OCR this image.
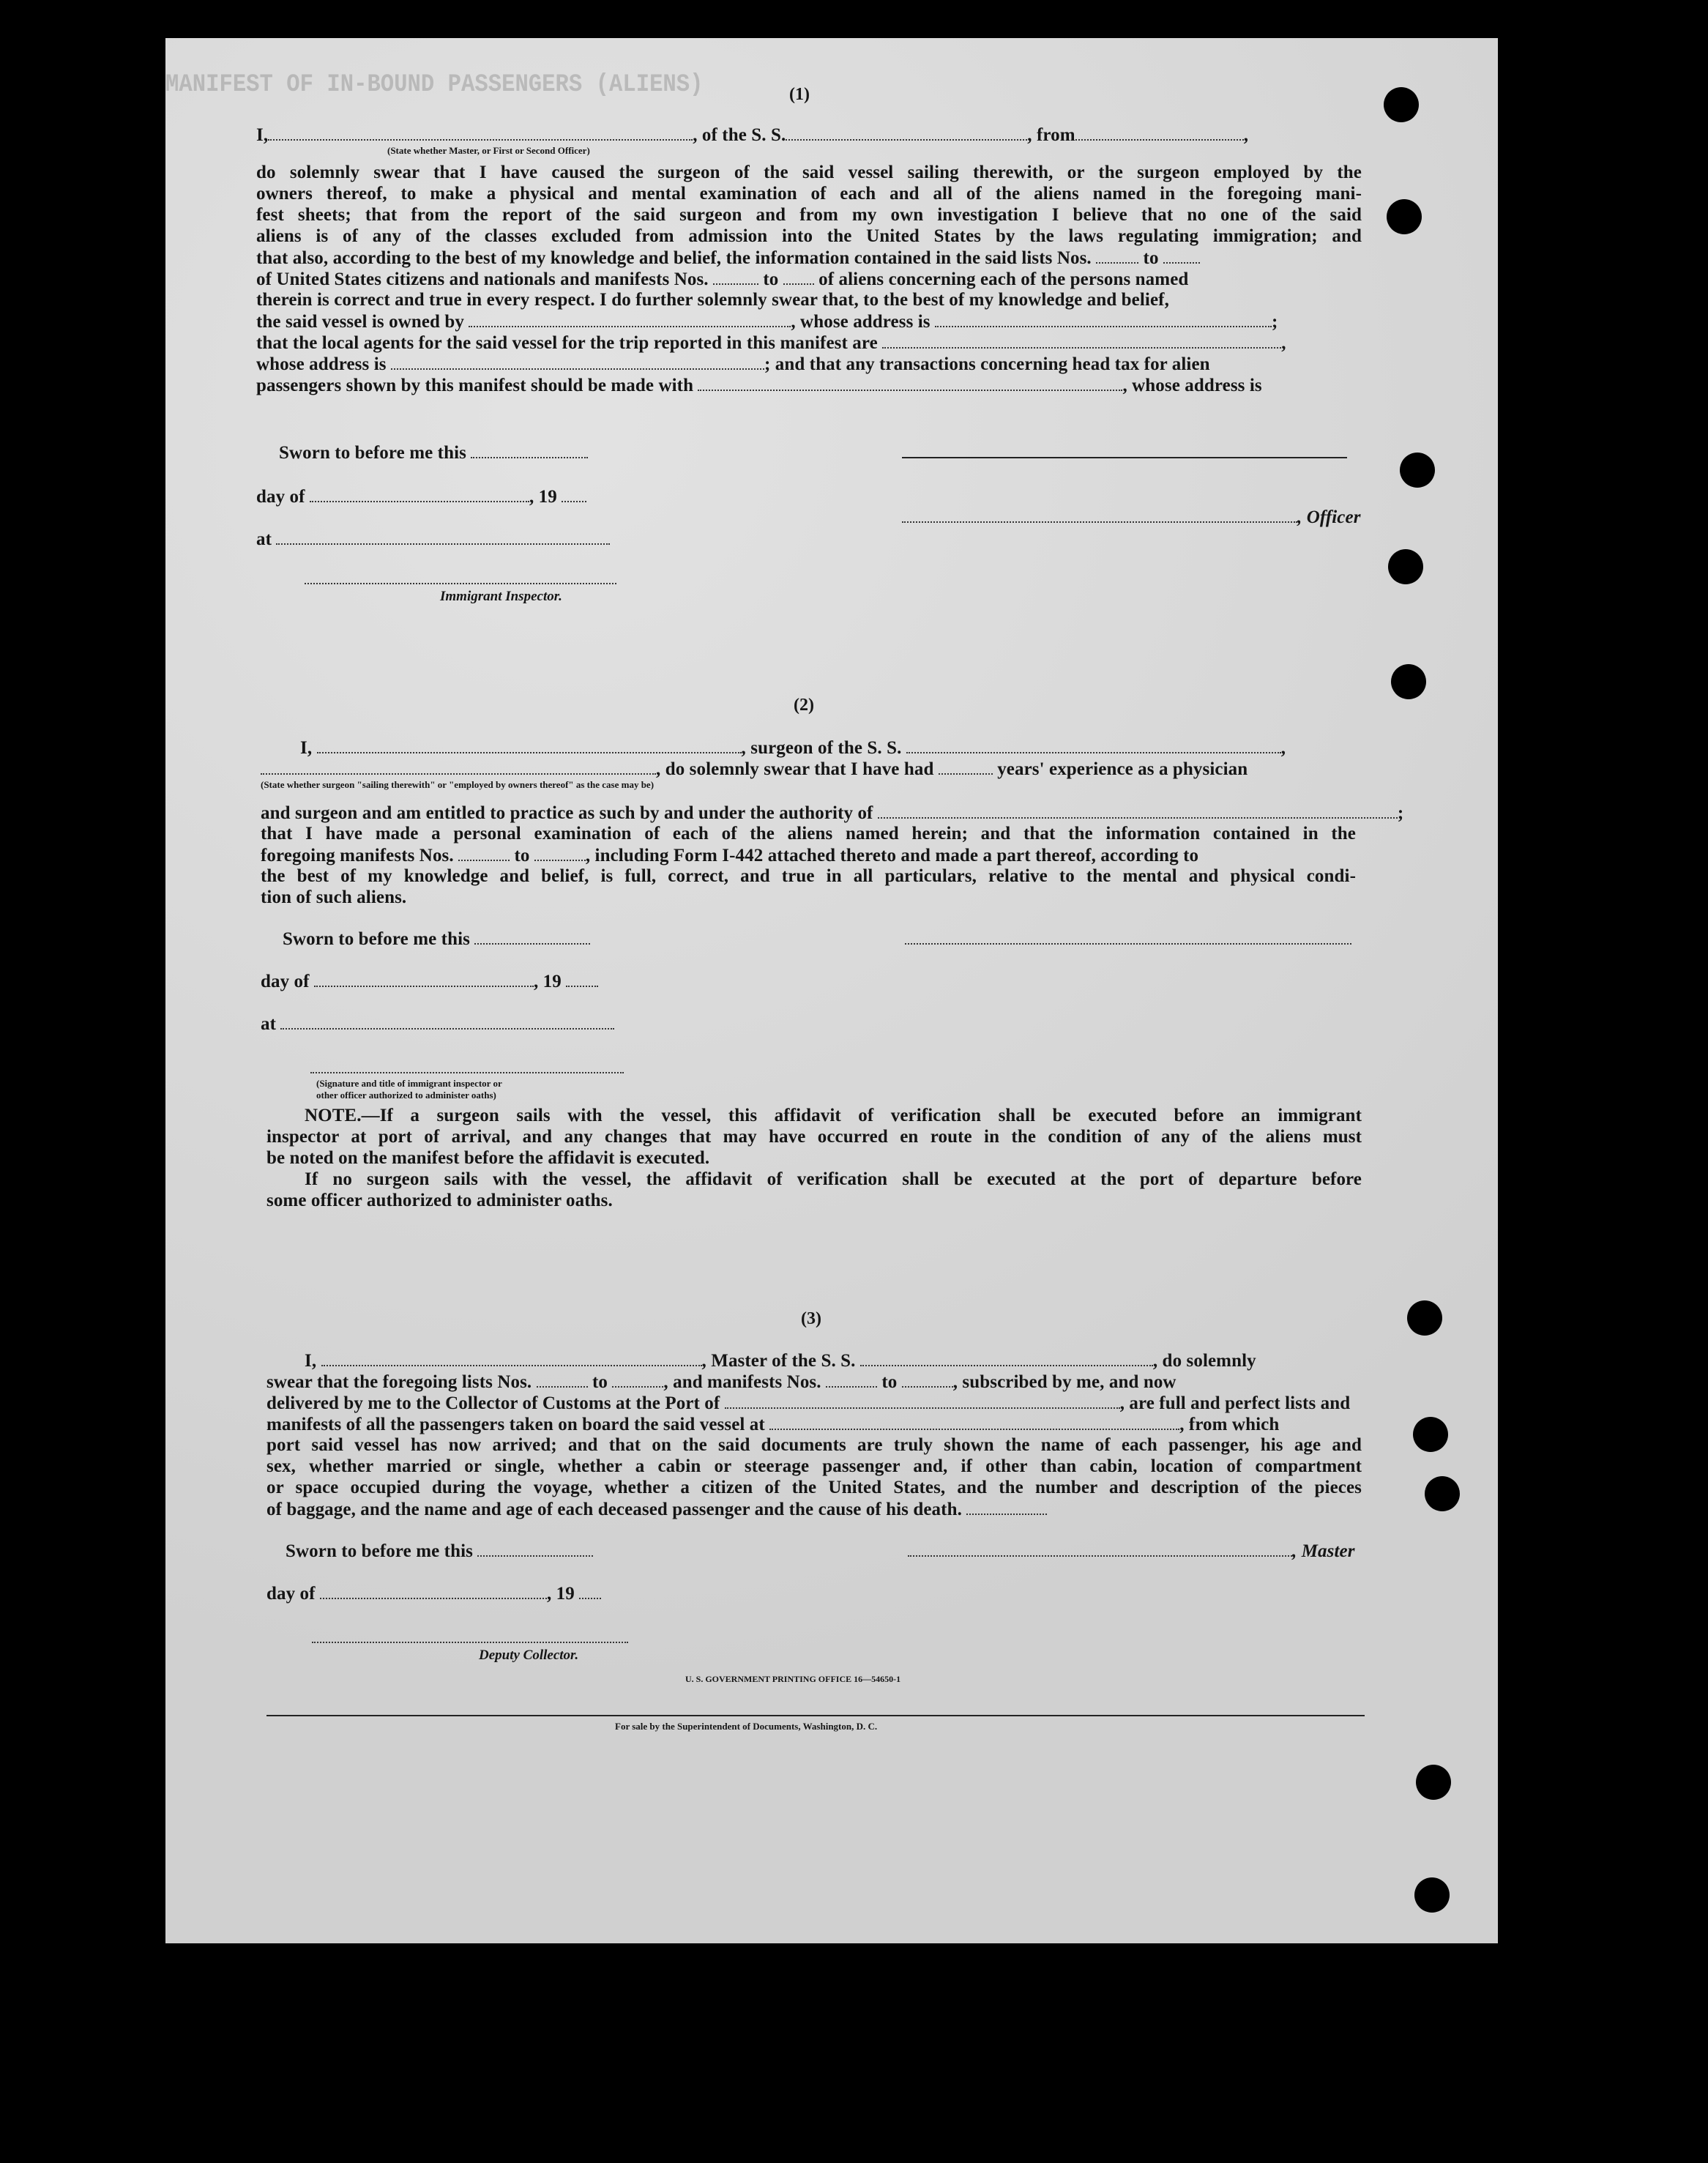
MANIFEST OF IN-BOUND PASSENGERS (ALIENS)	(1)
I,	, of the S. S.	, from	,
(State whether Master, or First or Second Officer)
do solemnly swear that I have caused the surgeon of the said vessel sailing therewith, or the surgeon employed by the
owners thereof, to make a physical and mental examination of each and all of the aliens named in the foregoing mani-
fest sheets; that from the report of the said surgeon and from my own investigation I believe that no one of the said
aliens is of any of the classes excluded from admission into the United States by the laws regulating immigration; and
that also, according to the best of my knowledge and belief, the information contained in the said lists Nos.	to
of United States citizens and nationals and manifests Nos.	to of aliens concerning each of the persons named
therein is correct and true in every respect. I do further solemnly swear that, to the best of my knowledge and belief,
the said vessel is owned by	, whose address is	;
that the local agents for the said vessel for the trip reported in this manifest are	,
whose address is	; and that any transactions concerning head tax for alien
passengers shown by this manifest should be made with	, whose address is
Sworn to before me this
day of	, 19
, Officer
at
Immigrant Inspector.
(2)
I,	, surgeon of the S. S.	,
, do solemnly swear that I have had	years' experience as a physician
(State whether surgeon "sailing therewith" or "employed by owners thereof" as the case may be)
and surgeon and am entitled to practice as such by and under the authority of	;
that I have made a personal examination of each of the aliens named herein; and that the information contained in the
foregoing manifests Nos.	to	, including Form I-442 attached thereto and made a part thereof, according to
the best of my knowledge and belief, is full, correct, and true in all particulars, relative to the mental and physical condi-
tion of such aliens.
Sworn to before me this
day of	, 19
at
(Signature and title of immigrant inspector or
other officer authorized to administer oaths)
NOTE.—If a surgeon sails with the vessel, this affidavit of verification shall be executed before an immigrant
inspector at port of arrival, and any changes that may have occurred en route in the condition of any of the aliens must
be noted on the manifest before the affidavit is executed.
If no surgeon sails with the vessel, the affidavit of verification shall be executed at the port of departure before
some officer authorized to administer oaths.
(3)
I,	, Master of the S. S.	, do solemnly
swear that the foregoing lists Nos.	to	, and manifests Nos.	to	, subscribed by me, and now
delivered by me to the Collector of Customs at the Port of	, are full and perfect lists and
manifests of all the passengers taken on board the said vessel at	, from which
port said vessel has now arrived; and that on the said documents are truly shown the name of each passenger, his age and
sex, whether married or single, whether a cabin or steerage passenger and, if other than cabin, location of compartment
or space occupied during the voyage, whether a citizen of the United States, and the number and description of the pieces
of baggage, and the name and age of each deceased passenger and the cause of his death.
Sworn to before me this	, Master
day of	, 19
Deputy Collector.
U. S. GOVERNMENT PRINTING OFFICE 16—54650-1
For sale by the Superintendent of Documents, Washington, D. C.
